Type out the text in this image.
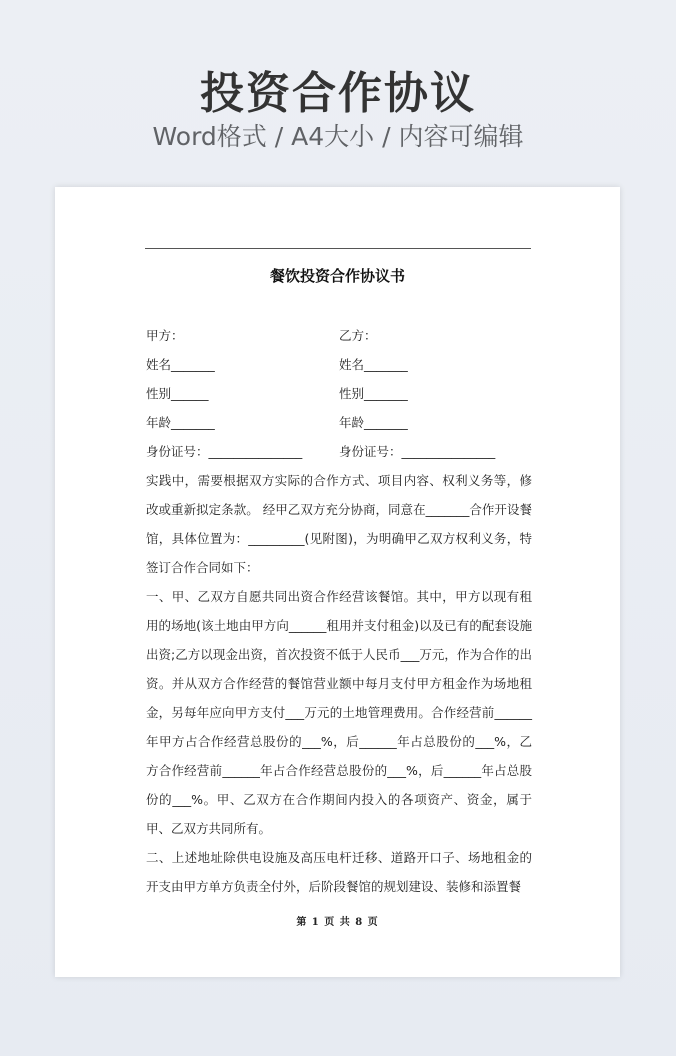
投资合作协议
Word格式 / A4大小 / 内容可编辑
餐饮投资合作协议书
甲方：	乙方：
姓名_______	姓名_______
性别______	性别_______
年龄_______	年龄_______
身份证号：_______________	身份证号：_______________
实践中，需要根据双方实际的合作方式、项目内容、权利义务等，修改或重新拟定条款。 经甲乙双方充分协商，同意在_______合作开设餐馆，具体位置为：_________(见附图)，为明确甲乙双方权利义务，特签订合作合同如下：
一、甲、乙双方自愿共同出资合作经营该餐馆。其中，甲方以现有租用的场地(该土地由甲方向______租用并支付租金)以及已有的配套设施出资;乙方以现金出资，首次投资不低于人民币___万元，作为合作的出资。并从双方合作经营的餐馆营业额中每月支付甲方租金作为场地租金，另每年应向甲方支付___万元的土地管理费用。合作经营前______年甲方占合作经营总股份的___%，后______年占总股份的___%，乙方合作经营前______年占合作经营总股份的___%，后______年占总股份的___%。甲、乙双方在合作期间内投入的各项资产、资金，属于甲、乙双方共同所有。
二、上述地址除供电设施及高压电杆迁移、道路开口子、场地租金的开支由甲方单方负责全付外，后阶段餐馆的规划建设、装修和添置餐
第 1 页 共 8 页
